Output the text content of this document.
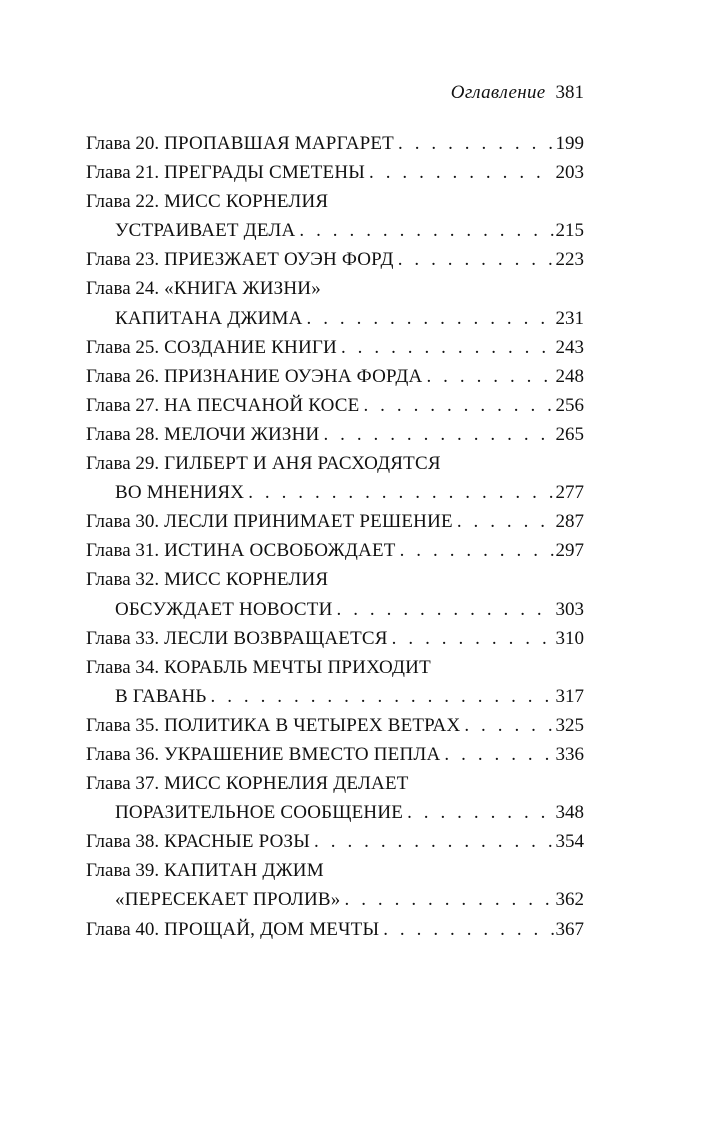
Оглавление 381
Глава 20. ПРОПАВШАЯ МАРГАРЕТ . . .	199
Глава 21. ПРЕГРАДЫ СМЕТЕНЫ . . .	203
Глава 22. МИСС КОРНЕЛИЯ
УСТРАИВАЕТ ДЕЛА . . .	215
Глава 23. ПРИЕЗЖАЕТ ОУЭН ФОРД . . .	223
Глава 24. «КНИГА ЖИЗНИ»
КАПИТАНА ДЖИМА . . .	231
Глава 25. СОЗДАНИЕ КНИГИ . . .	243
Глава 26. ПРИЗНАНИЕ ОУЭНА ФОРДА . . .	248
Глава 27. НА ПЕСЧАНОЙ КОСЕ . . .	256
Глава 28. МЕЛОЧИ ЖИЗНИ . . .	265
Глава 29. ГИЛБЕРТ И АНЯ РАСХОДЯТСЯ
ВО МНЕНИЯХ . . .	277
Глава 30. ЛЕСЛИ ПРИНИМАЕТ РЕШЕНИЕ . . .	287
Глава 31. ИСТИНА ОСВОБОЖДАЕТ . . .	297
Глава 32. МИСС КОРНЕЛИЯ
ОБСУЖДАЕТ НОВОСТИ . . .	303
Глава 33. ЛЕСЛИ ВОЗВРАЩАЕТСЯ . . .	310
Глава 34. КОРАБЛЬ МЕЧТЫ ПРИХОДИТ
В ГАВАНЬ . . .	317
Глава 35. ПОЛИТИКА В ЧЕТЫРЕХ ВЕТРАХ . . .	325
Глава 36. УКРАШЕНИЕ ВМЕСТО ПЕПЛА . . .	336
Глава 37. МИСС КОРНЕЛИЯ ДЕЛАЕТ
ПОРАЗИТЕЛЬНОЕ СООБЩЕНИЕ . . .	348
Глава 38. КРАСНЫЕ РОЗЫ . . .	354
Глава 39. КАПИТАН ДЖИМ
«ПЕРЕСЕКАЕТ ПРОЛИВ» . . .	362
Глава 40. ПРОЩАЙ, ДОМ МЕЧТЫ . . .	367
